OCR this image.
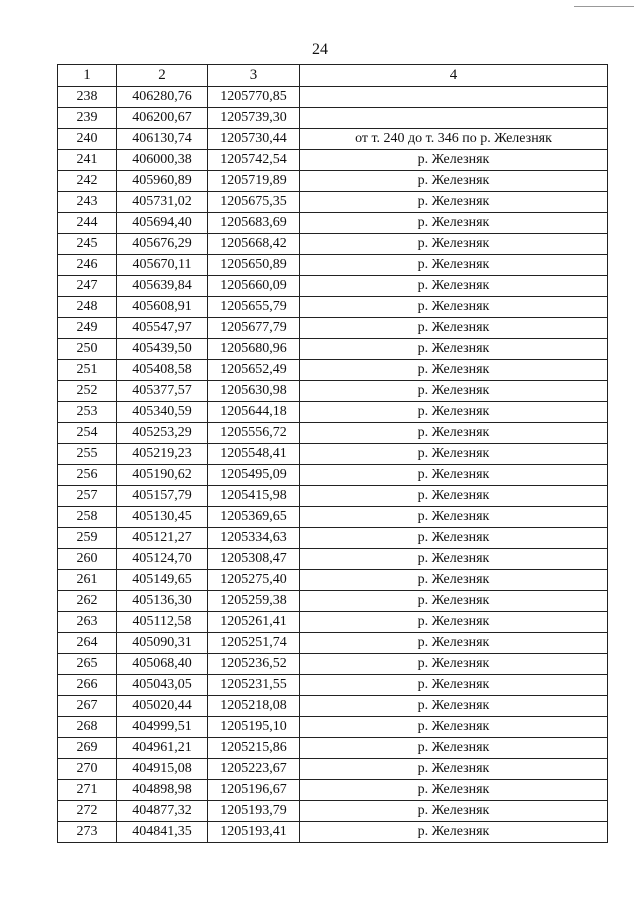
24
1	2	3	4
238	406280,76	1205770,85	
239	406200,67	1205739,30	
240	406130,74	1205730,44	от т. 240 до т. 346 по р. Железняк
241	406000,38	1205742,54	р. Железняк
242	405960,89	1205719,89	р. Железняк
243	405731,02	1205675,35	р. Железняк
244	405694,40	1205683,69	р. Железняк
245	405676,29	1205668,42	р. Железняк
246	405670,11	1205650,89	р. Железняк
247	405639,84	1205660,09	р. Железняк
248	405608,91	1205655,79	р. Железняк
249	405547,97	1205677,79	р. Железняк
250	405439,50	1205680,96	р. Железняк
251	405408,58	1205652,49	р. Железняк
252	405377,57	1205630,98	р. Железняк
253	405340,59	1205644,18	р. Железняк
254	405253,29	1205556,72	р. Железняк
255	405219,23	1205548,41	р. Железняк
256	405190,62	1205495,09	р. Железняк
257	405157,79	1205415,98	р. Железняк
258	405130,45	1205369,65	р. Железняк
259	405121,27	1205334,63	р. Железняк
260	405124,70	1205308,47	р. Железняк
261	405149,65	1205275,40	р. Железняк
262	405136,30	1205259,38	р. Железняк
263	405112,58	1205261,41	р. Железняк
264	405090,31	1205251,74	р. Железняк
265	405068,40	1205236,52	р. Железняк
266	405043,05	1205231,55	р. Железняк
267	405020,44	1205218,08	р. Железняк
268	404999,51	1205195,10	р. Железняк
269	404961,21	1205215,86	р. Железняк
270	404915,08	1205223,67	р. Железняк
271	404898,98	1205196,67	р. Железняк
272	404877,32	1205193,79	р. Железняк
273	404841,35	1205193,41	р. Железняк
